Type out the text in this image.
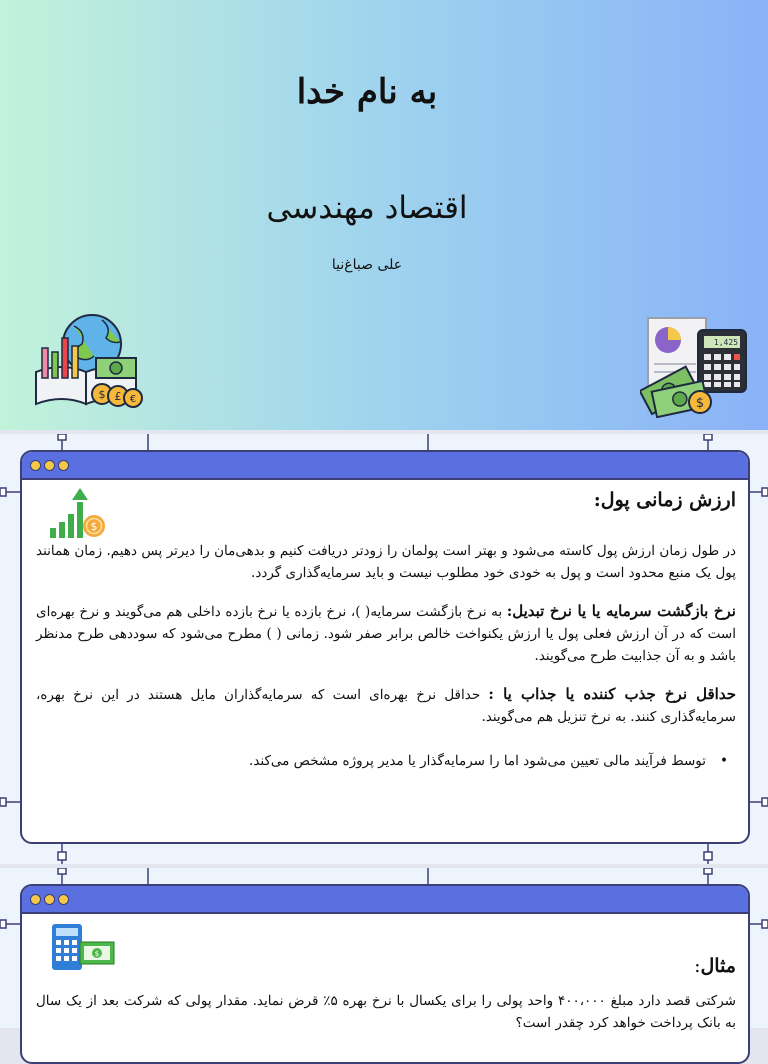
به نام خدا
اقتصاد مهندسی
علی صباغ‌نیا
$ £ €
1,425
$
$
ارزش زمانی پول:
در طول زمان ارزش پول کاسته می‌شود و بهتر است پولمان را زودتر دریافت کنیم و بدهی‌مان را دیرتر پس دهیم. زمان همانند پول یک منبع محدود است و پول به خودی خود مطلوب نیست و باید سرمایه‌گذاری گردد.
نرخ بازگشت سرمایه یا یا نرخ تبدیل: به نرخ بازگشت سرمایه( )، نرخ بازده یا نرخ بازده داخلی هم می‌گویند و نرخ بهره‌ای است که در آن ارزش فعلی پول یا ارزش یکنواخت خالص برابر صفر شود. زمانی ( ) مطرح می‌شود که سوددهی طرح مدنظر باشد و به آن جذابیت طرح می‌گویند.
حداقل نرخ جذب کننده یا جذاب یا : حداقل نرخ بهره‌ای است که سرمایه‌گذاران مایل هستند در این نرخ بهره، سرمایه‌گذاری کنند. به نرخ تنزیل هم می‌گویند.
• توسط فرآیند مالی تعیین می‌شود اما را سرمایه‌گذار یا مدیر پروژه مشخص می‌کند.
$
مثال:
شرکتی قصد دارد مبلغ ۴۰۰،۰۰۰ واحد پولی را برای یکسال با نرخ بهره ۵٪ قرض نماید. مقدار پولی که شرکت بعد از یک سال به بانک پرداخت خواهد کرد چقدر است؟
